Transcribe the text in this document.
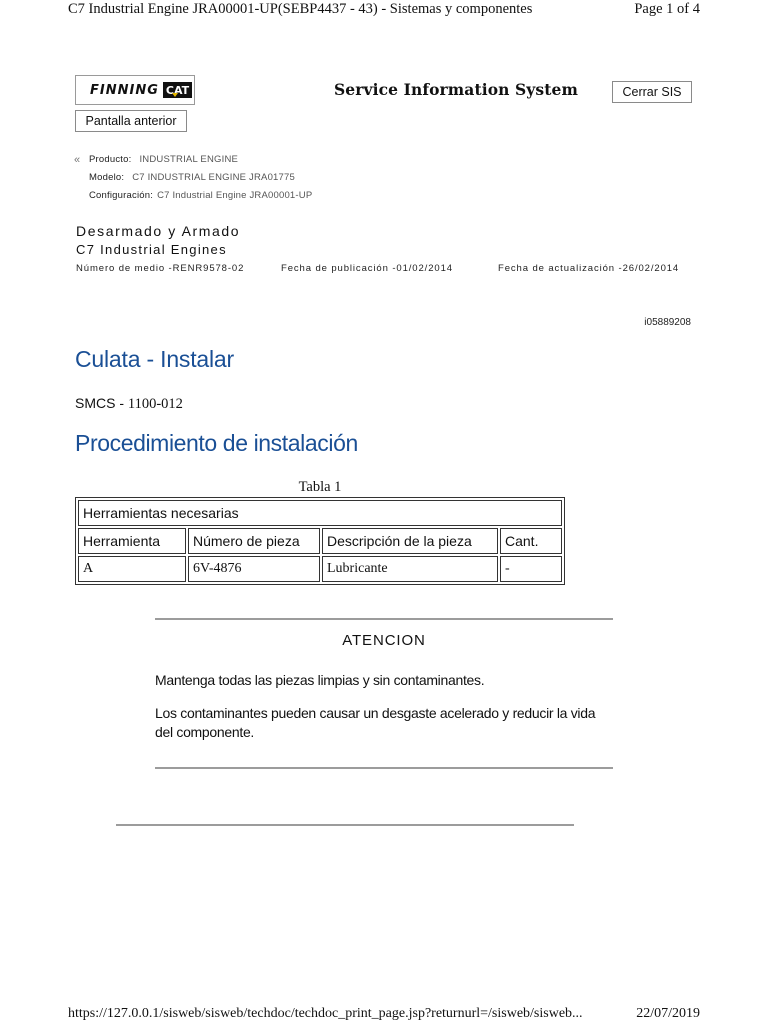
C7 Industrial Engine JRA00001-UP(SEBP4437 - 43) - Sistemas y componentes	Page 1 of 4
FINNING CAT	Service Information System	Cerrar SIS
Pantalla anterior
« Producto: INDUSTRIAL ENGINE
Modelo: C7 INDUSTRIAL ENGINE JRA01775
Configuración: C7 Industrial Engine JRA00001-UP
Desarmado y Armado
C7 Industrial Engines
Número de medio -RENR9578-02	Fecha de publicación -01/02/2014	Fecha de actualización -26/02/2014
i05889208
Culata - Instalar
SMCS - 1100-012
Procedimiento de instalación
Tabla 1
Herramientas necesarias			
Herramienta	Número de pieza	Descripción de la pieza	Cant.
A	6V-4876	Lubricante	-
ATENCION
Mantenga todas las piezas limpias y sin contaminantes.
Los contaminantes pueden causar un desgaste acelerado y reducir la vida del componente.
https://127.0.0.1/sisweb/sisweb/techdoc/techdoc_print_page.jsp?returnurl=/sisweb/sisweb...	22/07/2019
